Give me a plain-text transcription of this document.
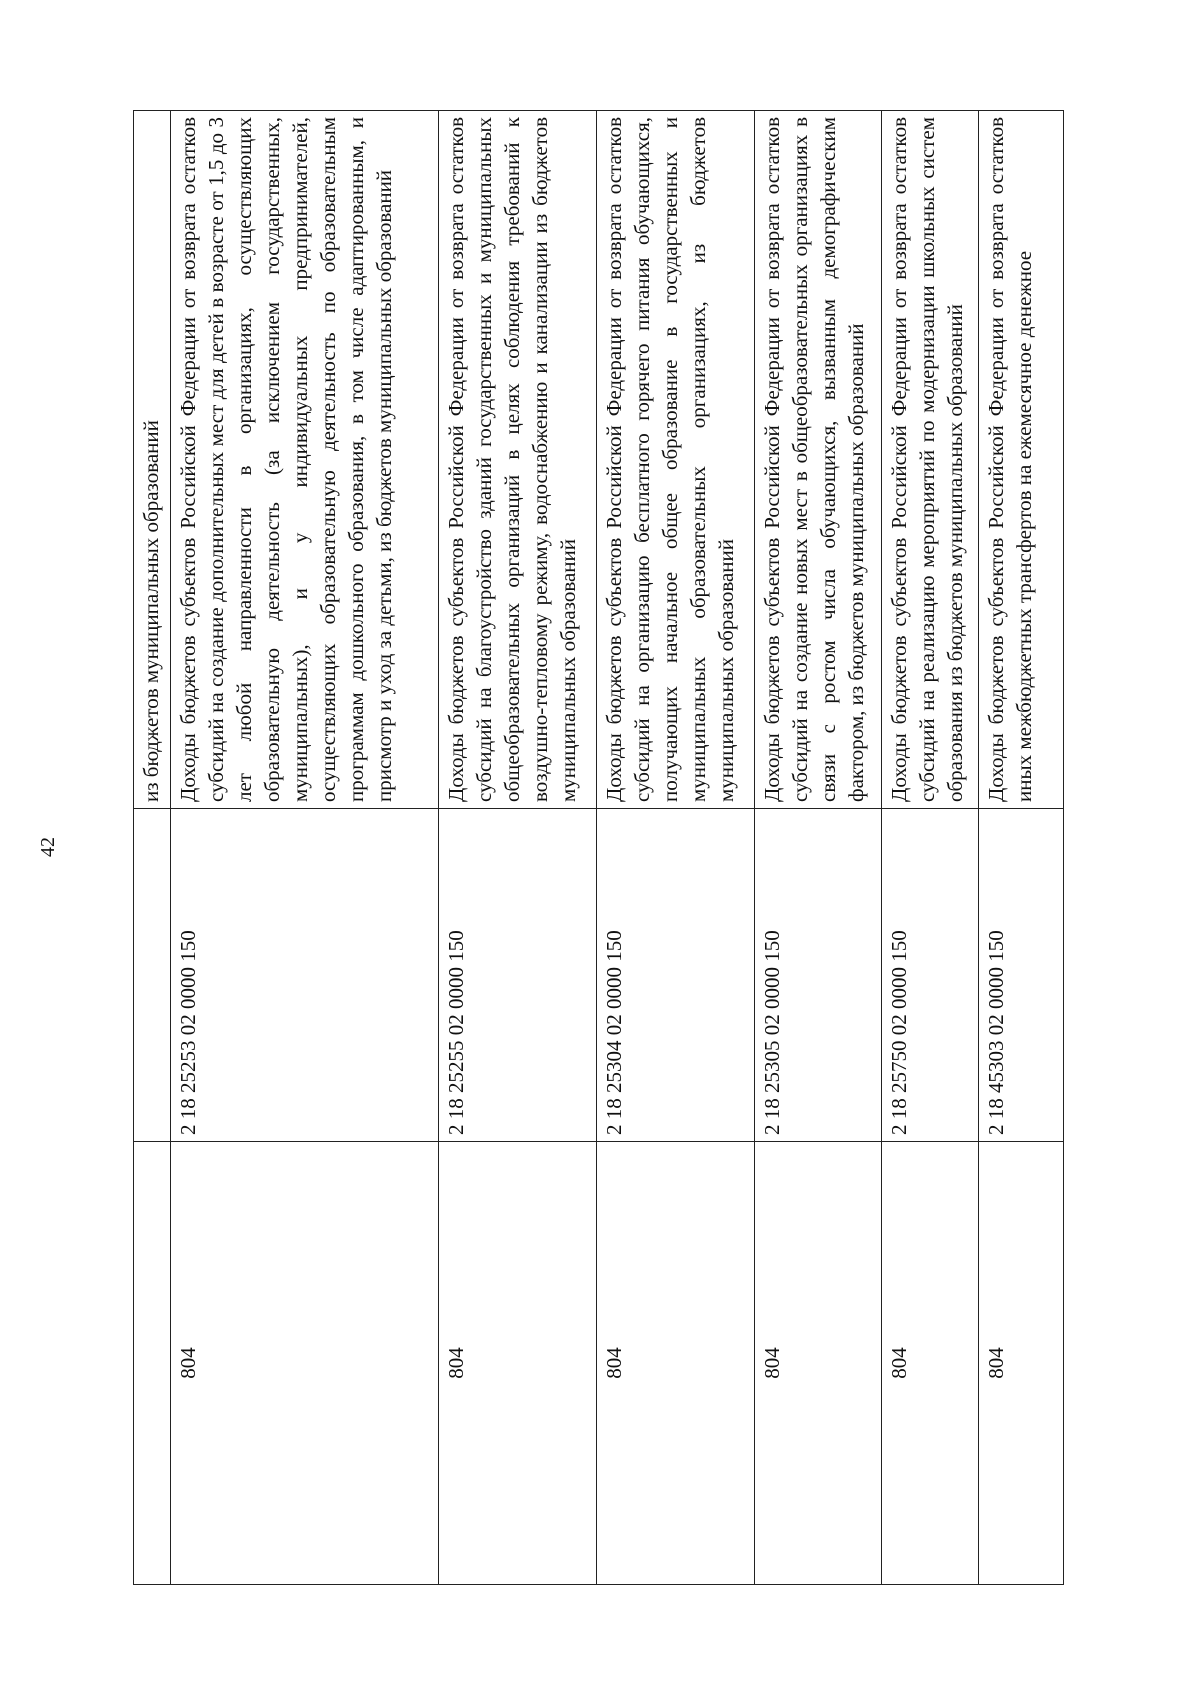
42
		из бюджетов муниципальных образований
804	2 18 25253 02 0000 150	Доходы бюджетов субъектов Российской Федерации от возврата остатков субсидий на создание дополнительных мест для детей в возрасте от 1,5 до 3 лет любой направленности в организациях, осуществляющих образовательную деятельность (за исключением государственных, муниципальных), и у индивидуальных предпринимателей, осуществляющих образовательную деятельность по образовательным программам дошкольного образования, в том числе адаптированным, и присмотр и уход за детьми, из бюджетов муниципальных образований
804	2 18 25255 02 0000 150	Доходы бюджетов субъектов Российской Федерации от возврата остатков субсидий на благоустройство зданий государственных и муниципальных общеобразовательных организаций в целях соблюдения требований к воздушно-тепловому режиму, водоснабжению и канализации из бюджетов муниципальных образований
804	2 18 25304 02 0000 150	Доходы бюджетов субъектов Российской Федерации от возврата остатков субсидий на организацию бесплатного горячего питания обучающихся, получающих начальное общее образование в государственных и муниципальных образовательных организациях, из бюджетов муниципальных образований
804	2 18 25305 02 0000 150	Доходы бюджетов субъектов Российской Федерации от возврата остатков субсидий на создание новых мест в общеобразовательных организациях в связи с ростом числа обучающихся, вызванным демографическим фактором, из бюджетов муниципальных образований
804	2 18 25750 02 0000 150	Доходы бюджетов субъектов Российской Федерации от возврата остатков субсидий на реализацию мероприятий по модернизации школьных систем образования из бюджетов муниципальных образований
804	2 18 45303 02 0000 150	Доходы бюджетов субъектов Российской Федерации от возврата остатков иных межбюджетных трансфертов на ежемесячное денежное
